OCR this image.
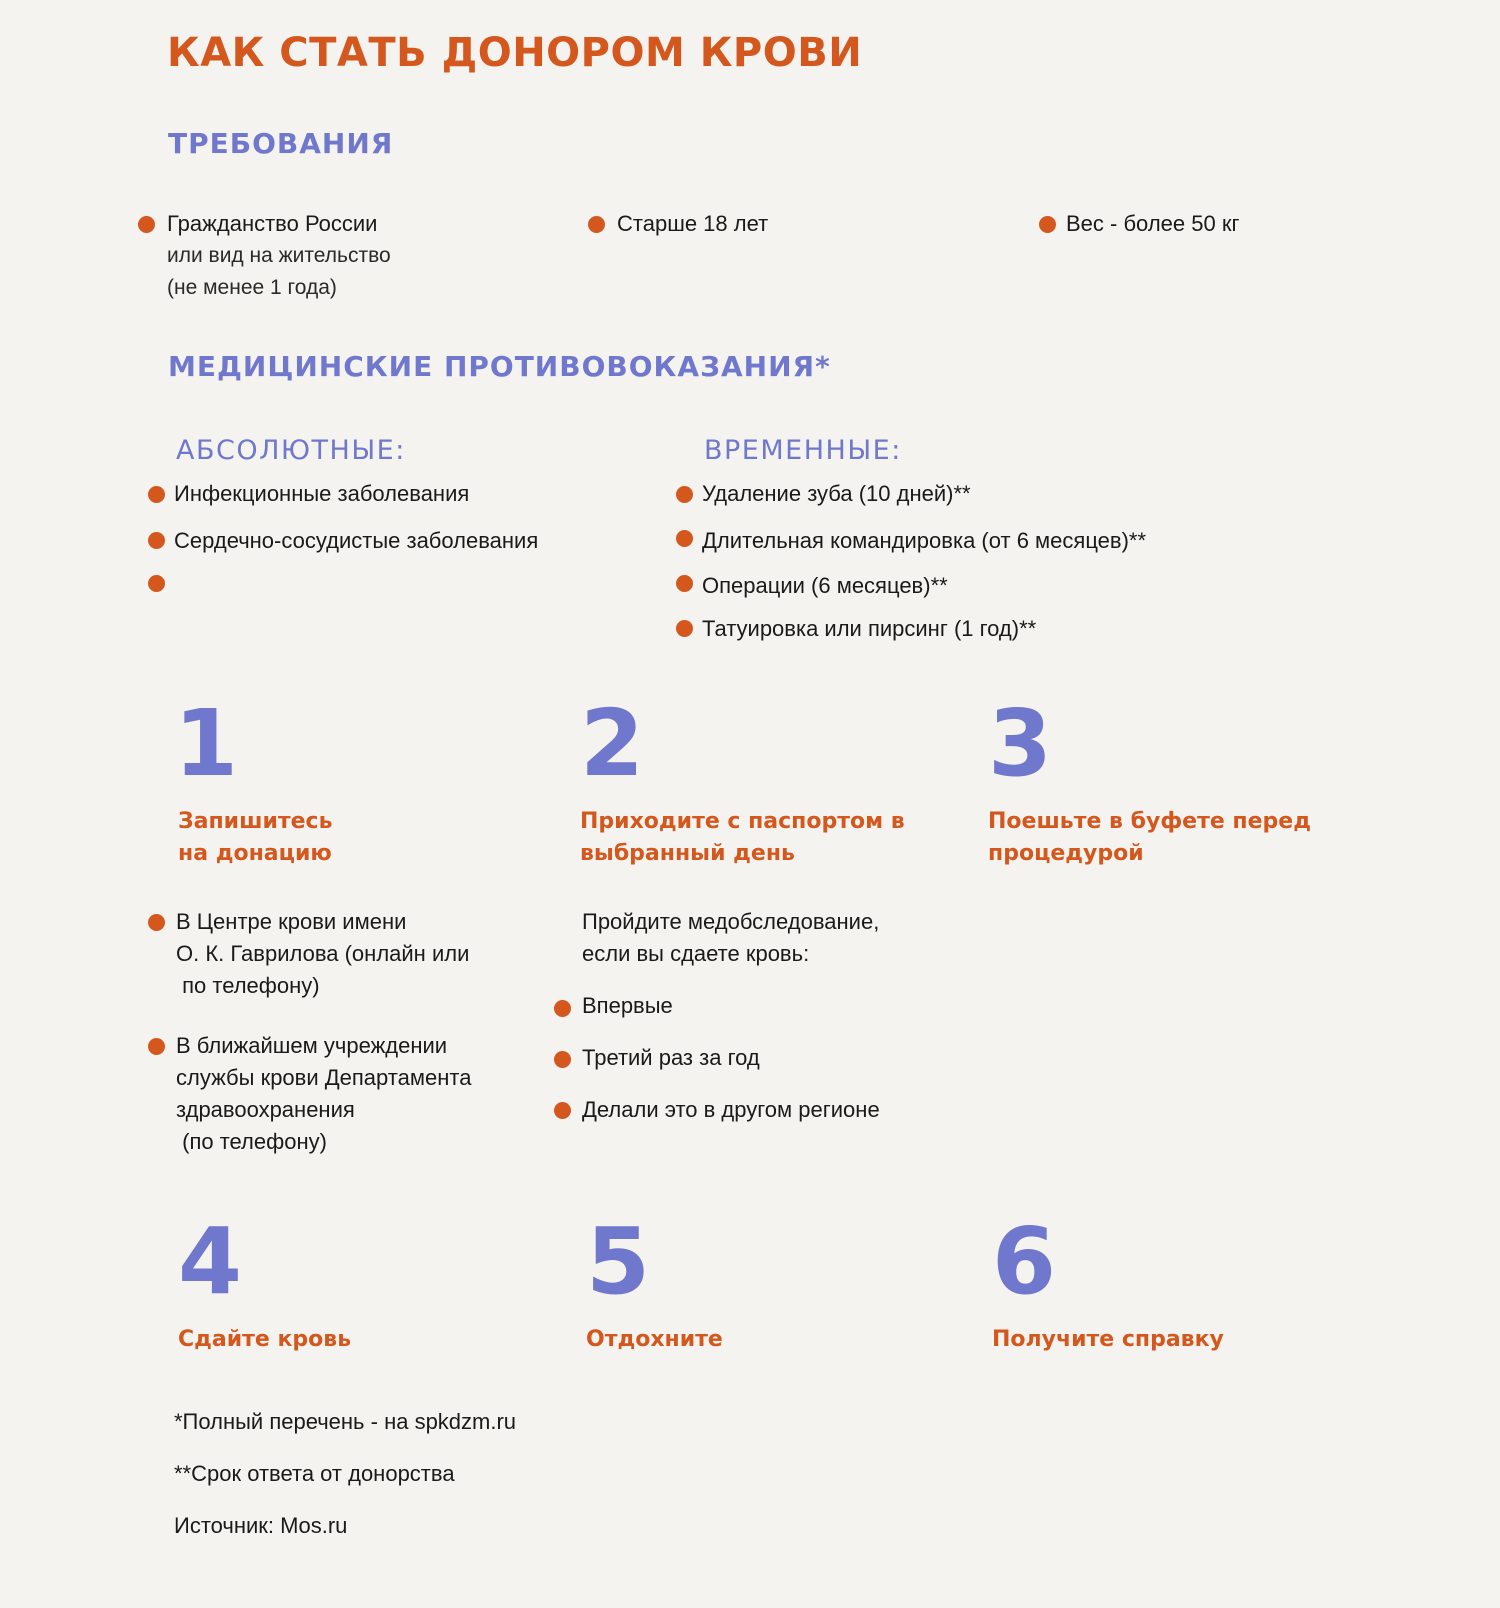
КАК СТАТЬ ДОНОРОМ КРОВИ
ТРЕБОВАНИЯ
Гражданство России
или вид на жительство
(не менее 1 года)
Старше 18 лет	Вес - более 50 кг
МЕДИЦИНСКИЕ ПРОТИВОВОКАЗАНИЯ*
АБСОЛЮТНЫЕ:	ВРЕМЕННЫЕ:
Инфекционные заболевания
Сердечно-сосудистые заболевания
Удаление зуба (10 дней)**
Длительная командировка (от 6 месяцев)**
Операции (6 месяцев)**
Татуировка или пирсинг (1 год)**
1
Запишитесь
на донацию
В Центре крови имени
О. К. Гаврилова (онлайн или
по телефону)
В ближайшем учреждении
службы крови Департамента
здравоохранения
(по телефону)
2
Приходите с паспортом в
выбранный день
Пройдите медобследование,
если вы сдаете кровь:
Впервые
Третий раз за год
Делали это в другом регионе
3
Поешьте в буфете перед
процедурой
4
Сдайте кровь
5
Отдохните
6
Получите справку
*Полный перечень - на spkdzm.ru
**Срок ответа от донорства
Источник: Mos.ru
